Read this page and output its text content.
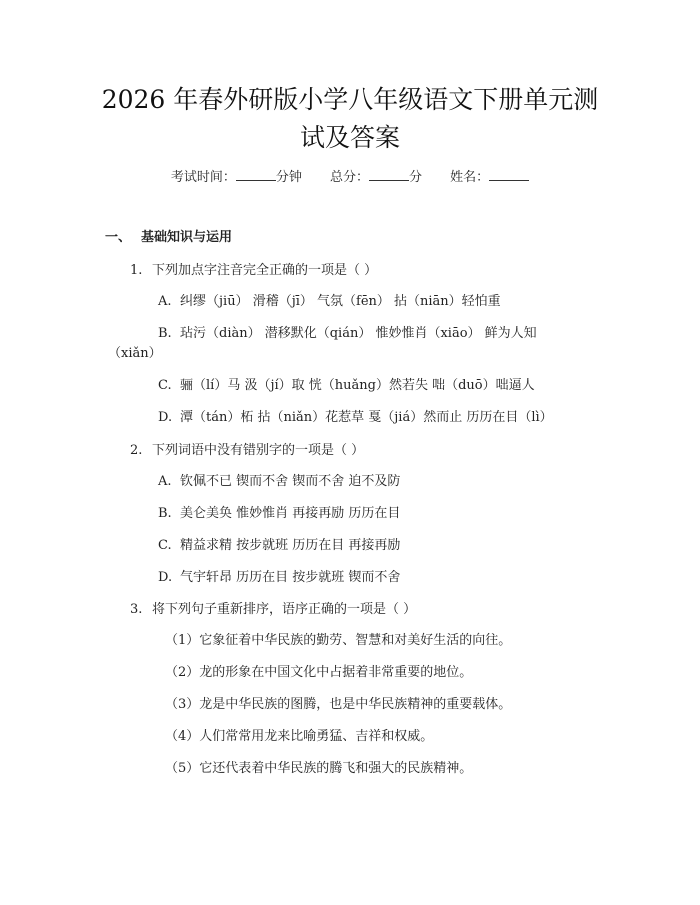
2026 年春外研版小学八年级语文下册单元测
试及答案
考试时间：	分钟 总分：	分 姓名：
一、 基础知识与运用
1. 下列加点字注音完全正确的一项是（ ）
A. 纠缪（jiū） 滑稽（jī） 气氛（fēn） 拈（niān）轻怕重
B. 玷污（diàn） 潜移默化（qián） 惟妙惟肖（xiāo） 鲜为人知
（xiǎn）
C. 骊（lí）马 汲（jí）取 恍（huǎng）然若失 咄（duō）咄逼人
D. 潭（tán）柘 拈（niǎn）花惹草 戛（jiá）然而止 历历在目（lì）
2. 下列词语中没有错别字的一项是（ ）
A. 钦佩不已 锲而不舍 锲而不舍 迫不及防
B. 美仑美奂 惟妙惟肖 再接再励 历历在目
C. 精益求精 按步就班 历历在目 再接再励
D. 气宇轩昂 历历在目 按步就班 锲而不舍
3. 将下列句子重新排序，语序正确的一项是（ ）
（1）它象征着中华民族的勤劳、智慧和对美好生活的向往。
（2）龙的形象在中国文化中占据着非常重要的地位。
（3）龙是中华民族的图腾，也是中华民族精神的重要载体。
（4）人们常常用龙来比喻勇猛、吉祥和权威。
（5）它还代表着中华民族的腾飞和强大的民族精神。
